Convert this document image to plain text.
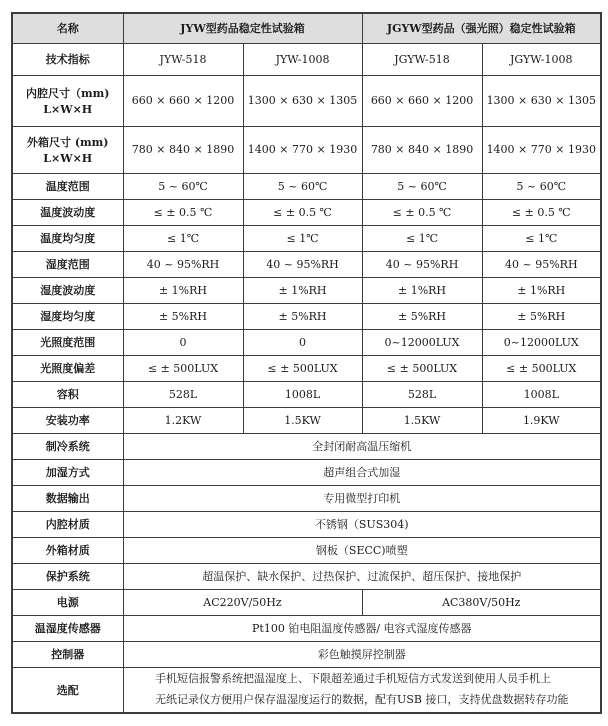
名称	JYW型药品稳定性试验箱		JGYW型药品（强光照）稳定性试验箱	
技术指标	JYW-518	JYW-1008	JGYW-518	JGYW-1008

内腔尺寸（mm)
L×W×H	660 × 660 × 1200	1300 × 630 × 1305	660 × 660 × 1200	1300 × 630 × 1305

外箱尺寸 (mm)
L×W×H	780 × 840 × 1890	1400 × 770 × 1930	780 × 840 × 1890	1400 × 770 × 1930
温度范围	5 ~ 60℃	5 ~ 60℃	5 ~ 60℃	5 ~ 60℃
温度波动度	≤ ± 0.5 ℃	≤ ± 0.5 ℃	≤ ± 0.5 ℃	≤ ± 0.5 ℃
温度均匀度	≤ 1℃	≤ 1℃	≤ 1℃	≤ 1℃
湿度范围	40 ~ 95%RH	40 ~ 95%RH	40 ~ 95%RH	40 ~ 95%RH
湿度波动度	± 1%RH	± 1%RH	± 1%RH	± 1%RH
湿度均匀度	± 5%RH	± 5%RH	± 5%RH	± 5%RH
光照度范围	0	0	0~12000LUX	0~12000LUX
光照度偏差	≤ ± 500LUX	≤ ± 500LUX	≤ ± 500LUX	≤ ± 500LUX
容积	528L	1008L	528L	1008L
安装功率	1.2KW	1.5KW	1.5KW	1.9KW
制冷系统	全封闭耐高温压缩机			
加湿方式	超声组合式加湿			
数据输出	专用微型打印机			
内腔材质	不锈钢（SUS304)			
外箱材质	钢板（SECC)喷塑			
保护系统	超温保护、缺水保护、过热保护、过流保护、超压保护、接地保护			
电源	AC220V/50Hz		AC380V/50Hz	
温湿度传感器	Pt100 铂电阻温度传感器/ 电容式湿度传感器			
控制器	彩色触摸屏控制器			
选配	手机短信报警系统把温湿度上、下限超差通过手机短信方式发送到使用人员手机上
无纸记录仪方便用户保存温湿度运行的数据，配有USB 接口，支持优盘数据转存功能			
